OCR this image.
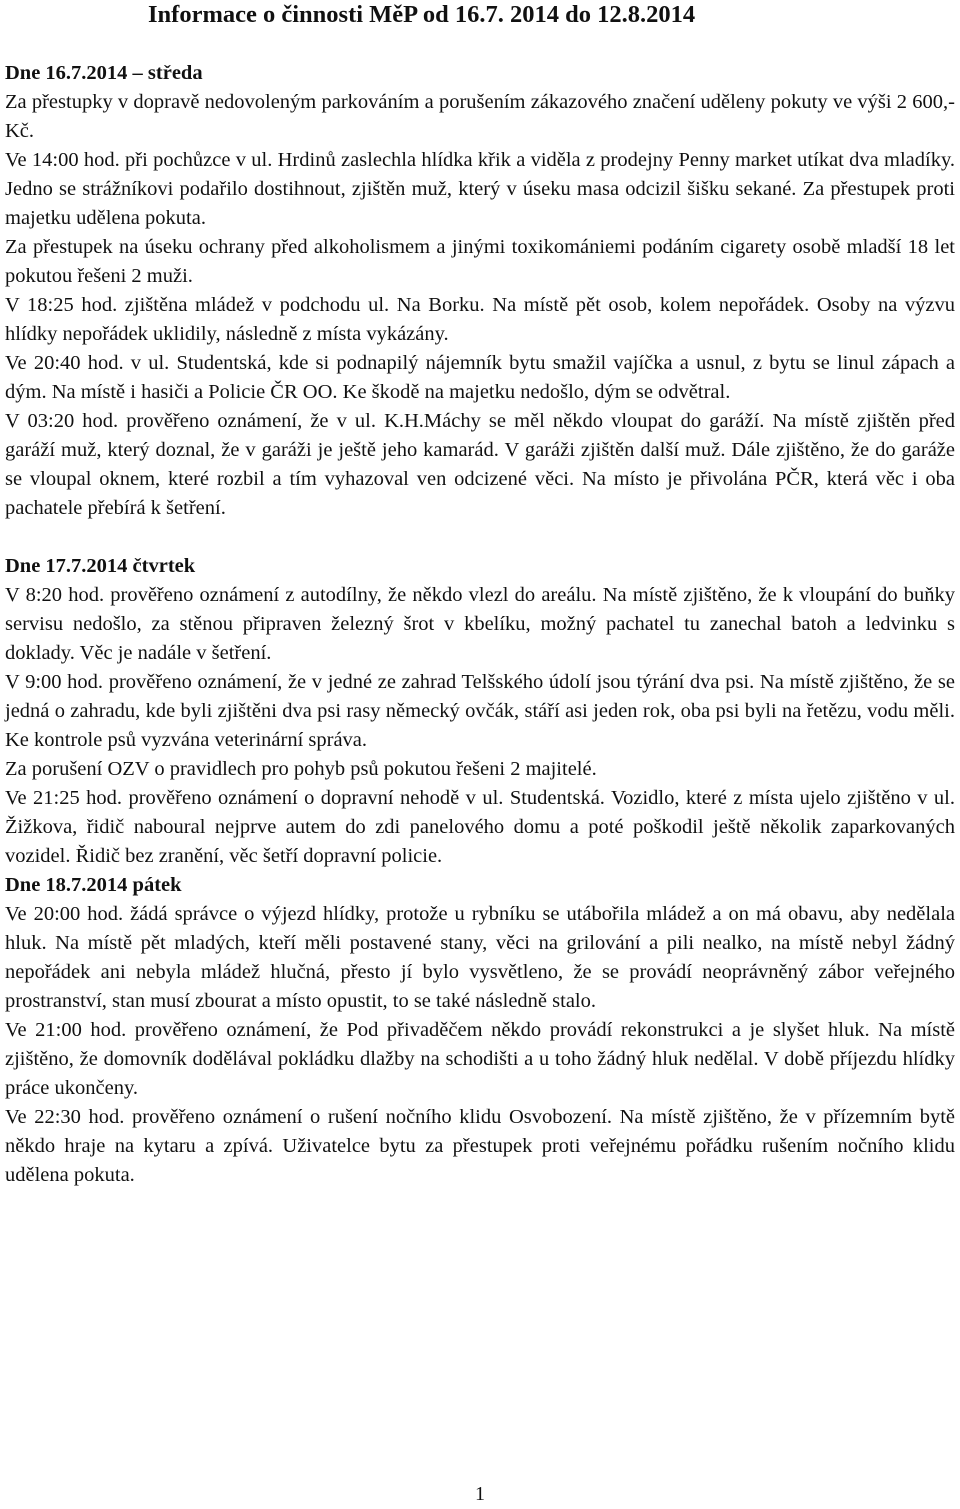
Informace o činnosti MěP od 16.7. 2014 do 12.8.2014

Dne 16.7.2014 – středa

Za přestupky v dopravě nedovoleným parkováním a porušením zákazového značení uděleny pokuty ve výši 2 600,- Kč.

Ve 14:00 hod. při pochůzce v ul. Hrdinů zaslechla hlídka křik a viděla z prodejny Penny market utíkat dva mladíky. Jedno se strážníkovi podařilo dostihnout, zjištěn muž, který v úseku masa odcizil šišku sekané. Za přestupek proti majetku udělena pokuta.

Za přestupek na úseku ochrany před alkoholismem a jinými toxikomániemi podáním cigarety osobě mladší 18 let pokutou řešeni 2 muži.

V 18:25 hod. zjištěna mládež v podchodu ul. Na Borku. Na místě pět osob, kolem nepořádek. Osoby na výzvu hlídky nepořádek uklidily, následně z místa vykázány.

Ve 20:40 hod. v ul. Studentská, kde si podnapilý nájemník bytu smažil vajíčka a usnul, z bytu se linul zápach a dým. Na místě i hasiči a Policie ČR OO. Ke škodě na majetku nedošlo, dým se odvětral.

V 03:20 hod. prověřeno oznámení, že v ul. K.H.Máchy se měl někdo vloupat do garáží. Na místě zjištěn před garáží muž, který doznal, že v garáži je ještě jeho kamarád. V garáži zjištěn další muž. Dále zjištěno, že do garáže se vloupal oknem, které rozbil a tím vyhazoval ven odcizené věci. Na místo je přivolána PČR, která věc i oba pachatele přebírá k šetření.

Dne 17.7.2014 čtvrtek

V 8:20 hod. prověřeno oznámení z autodílny, že někdo vlezl do areálu. Na místě zjištěno, že k vloupání do buňky servisu nedošlo, za stěnou připraven železný šrot v kbelíku, možný pachatel tu zanechal batoh a ledvinku s doklady. Věc je nadále v šetření.

V 9:00 hod. prověřeno oznámení, že v jedné ze zahrad Telšského údolí jsou týrání dva psi. Na místě zjištěno, že se jedná o zahradu, kde byli zjištěni dva psi rasy německý ovčák, stáří asi jeden rok, oba psi byli na řetězu, vodu měli. Ke kontrole psů vyzvána veterinární správa.

Za porušení OZV o pravidlech pro pohyb psů pokutou řešeni 2 majitelé.

Ve 21:25 hod. prověřeno oznámení o dopravní nehodě v ul. Studentská. Vozidlo, které z místa ujelo zjištěno v ul. Žižkova, řidič naboural nejprve autem do zdi panelového domu a poté poškodil ještě několik zaparkovaných vozidel. Řidič bez zranění, věc šetří dopravní policie.

Dne 18.7.2014 pátek

Ve 20:00 hod. žádá správce o výjezd hlídky, protože u rybníku se utábořila mládež a on má obavu, aby nedělala hluk. Na místě pět mladých, kteří měli postavené stany, věci na grilování a pili nealko, na místě nebyl žádný nepořádek ani nebyla mládež hlučná, přesto jí bylo vysvětleno, že se provádí neoprávněný zábor veřejného prostranství, stan musí zbourat a místo opustit, to se také následně stalo.

Ve 21:00 hod. prověřeno oznámení, že Pod přivaděčem někdo provádí rekonstrukci a je slyšet hluk. Na místě zjištěno, že domovník dodělával pokládku dlažby na schodišti a u toho žádný hluk nedělal. V době příjezdu hlídky práce ukončeny.

Ve 22:30 hod. prověřeno oznámení o rušení nočního klidu Osvobození. Na místě zjištěno, že v přízemním bytě někdo hraje na kytaru a zpívá. Uživatelce bytu za přestupek proti veřejnému pořádku rušením nočního klidu udělena pokuta.

1
